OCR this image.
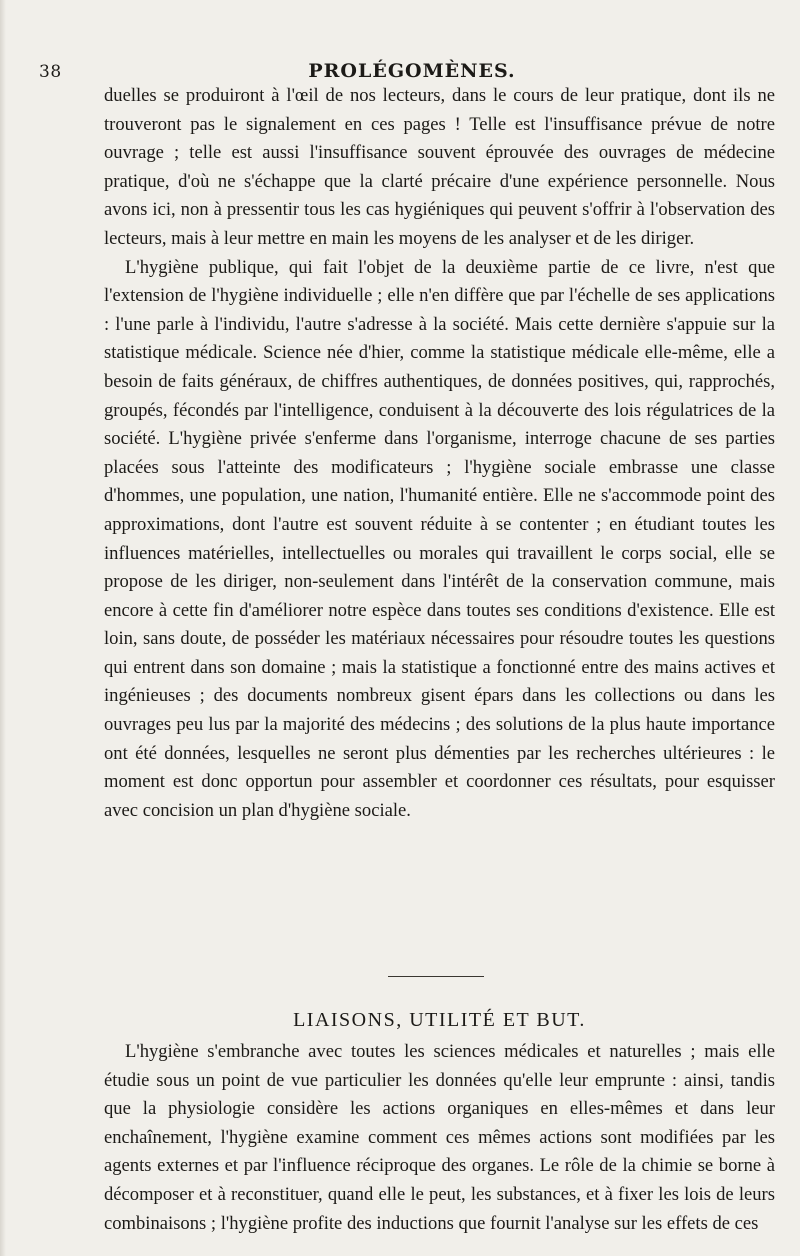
38	PROLÉGOMÈNES.

duelles se produiront à l'œil de nos lecteurs, dans le cours de leur pratique, dont ils ne trouveront pas le signalement en ces pages ! Telle est l'insuffisance prévue de notre ouvrage ; telle est aussi l'insuffisance souvent éprouvée des ouvrages de médecine pratique, d'où ne s'échappe que la clarté précaire d'une expérience personnelle. Nous avons ici, non à pressentir tous les cas hygiéniques qui peuvent s'offrir à l'observation des lecteurs, mais à leur mettre en main les moyens de les analyser et de les diriger.

L'hygiène publique, qui fait l'objet de la deuxième partie de ce livre, n'est que l'extension de l'hygiène individuelle ; elle n'en diffère que par l'échelle de ses applications : l'une parle à l'individu, l'autre s'adresse à la société. Mais cette dernière s'appuie sur la statistique médicale. Science née d'hier, comme la statistique médicale elle-même, elle a besoin de faits généraux, de chiffres authentiques, de données positives, qui, rapprochés, groupés, fécondés par l'intelligence, conduisent à la découverte des lois régulatrices de la société. L'hygiène privée s'enferme dans l'organisme, interroge chacune de ses parties placées sous l'atteinte des modificateurs ; l'hygiène sociale embrasse une classe d'hommes, une population, une nation, l'humanité entière. Elle ne s'accommode point des approximations, dont l'autre est souvent réduite à se contenter ; en étudiant toutes les influences matérielles, intellectuelles ou morales qui travaillent le corps social, elle se propose de les diriger, non-seulement dans l'intérêt de la conservation commune, mais encore à cette fin d'améliorer notre espèce dans toutes ses conditions d'existence. Elle est loin, sans doute, de posséder les matériaux nécessaires pour résoudre toutes les questions qui entrent dans son domaine ; mais la statistique a fonctionné entre des mains actives et ingénieuses ; des documents nombreux gisent épars dans les collections ou dans les ouvrages peu lus par la majorité des médecins ; des solutions de la plus haute importance ont été données, lesquelles ne seront plus démenties par les recherches ultérieures : le moment est donc opportun pour assembler et coordonner ces résultats, pour esquisser avec concision un plan d'hygiène sociale.

LIAISONS, UTILITÉ ET BUT.

L'hygiène s'embranche avec toutes les sciences médicales et naturelles ; mais elle étudie sous un point de vue particulier les données qu'elle leur emprunte : ainsi, tandis que la physiologie considère les actions organiques en elles-mêmes et dans leur enchaînement, l'hygiène examine comment ces mêmes actions sont modifiées par les agents externes et par l'influence réciproque des organes. Le rôle de la chimie se borne à décomposer et à reconstituer, quand elle le peut, les substances, et à fixer les lois de leurs combinaisons ; l'hygiène profite des inductions que fournit l'analyse sur les effets de ces
